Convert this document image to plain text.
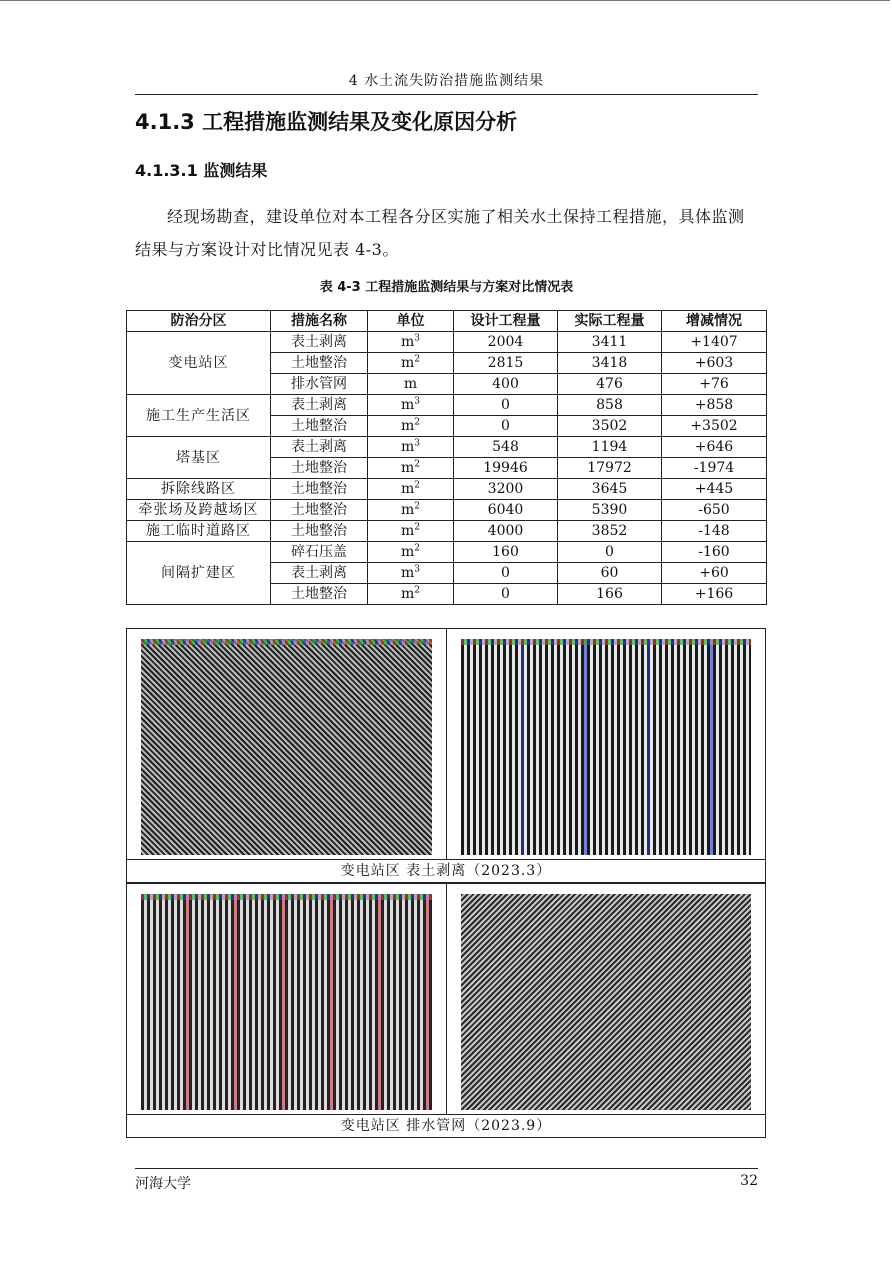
4 水土流失防治措施监测结果
4.1.3 工程措施监测结果及变化原因分析
4.1.3.1 监测结果

经现场勘查，建设单位对本工程各分区实施了相关水土保持工程措施，具体监测结果与方案设计对比情况见表 4-3。

表 4-3 工程措施监测结果与方案对比情况表
防治分区	措施名称	单位	设计工程量	实际工程量	增减情况
变电站区	表土剥离	$m^3$	2004	3411	+1407
	土地整治	$m^2$	2815	3418	+603
	排水管网	m	400	476	+76
施工生产生活区	表土剥离	$m^3$	0	858	+858
	土地整治	$m^2$	0	3502	+3502
塔基区	表土剥离	$m^3$	548	1194	+646
	土地整治	$m^2$	19946	17972	-1974
拆除线路区	土地整治	$m^2$	3200	3645	+445
牵张场及跨越场区	土地整治	$m^2$	6040	5390	-650
施工临时道路区	土地整治	$m^2$	4000	3852	-148
间隔扩建区	碎石压盖	$m^2$	160	0	-160
	表土剥离	$m^3$	0	60	+60
	土地整治	$m^2$	0	166	+166
变电站区 表土剥离（2023.3）
变电站区 排水管网（2023.9）
河海大学	32
